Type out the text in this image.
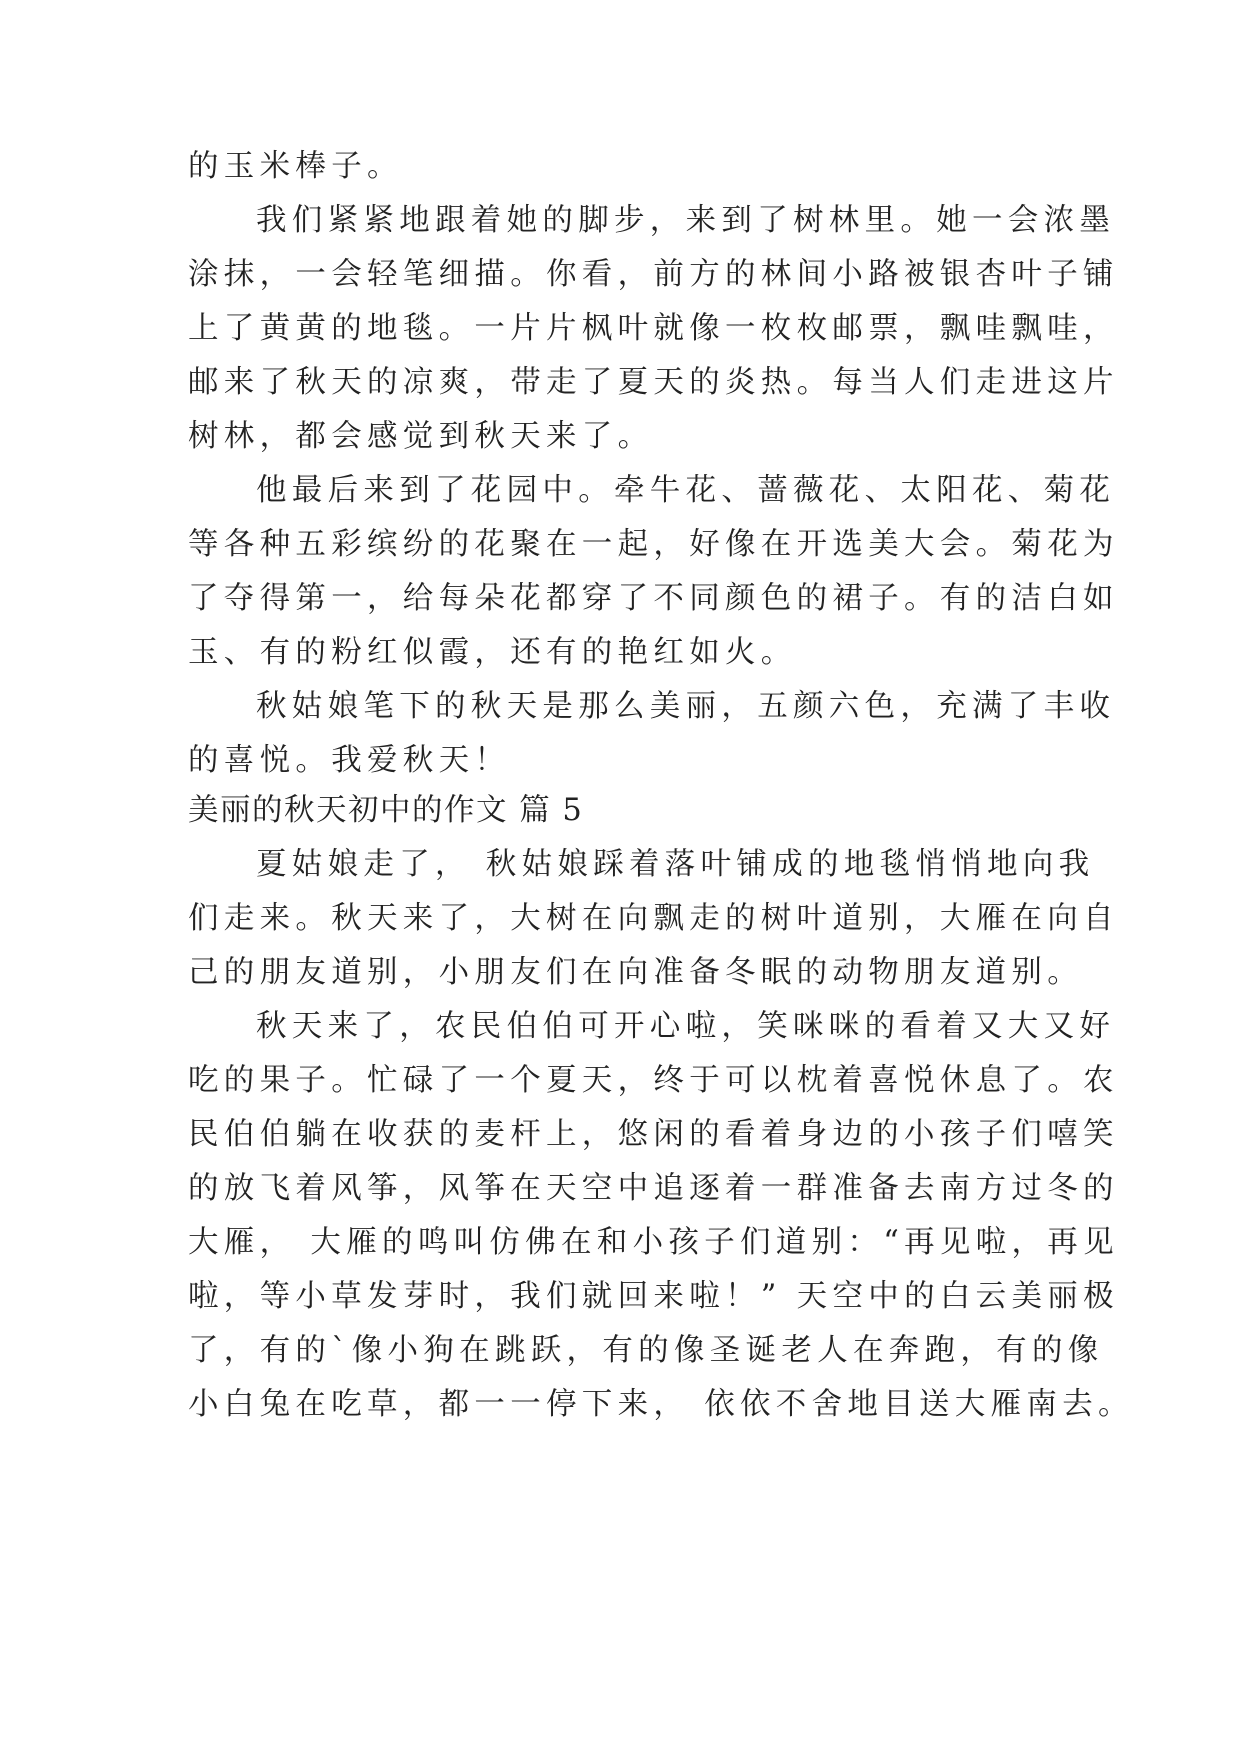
的玉米棒子。
我们紧紧地跟着她的脚步，来到了树林里。她一会浓墨
涂抹，一会轻笔细描。你看，前方的林间小路被银杏叶子铺
上了黄黄的地毯。一片片枫叶就像一枚枚邮票，飘哇飘哇，
邮来了秋天的凉爽，带走了夏天的炎热。每当人们走进这片
树林，都会感觉到秋天来了。
他最后来到了花园中。牵牛花、蔷薇花、太阳花、菊花
等各种五彩缤纷的花聚在一起，好像在开选美大会。菊花为
了夺得第一，给每朵花都穿了不同颜色的裙子。有的洁白如
玉、有的粉红似霞，还有的艳红如火。
秋姑娘笔下的秋天是那么美丽，五颜六色，充满了丰收
的喜悦。我爱秋天！
美丽的秋天初中的作文 篇 5
夏姑娘走了， 秋姑娘踩着落叶铺成的地毯悄悄地向我
们走来。秋天来了，大树在向飘走的树叶道别，大雁在向自
己的朋友道别，小朋友们在向准备冬眠的动物朋友道别。
秋天来了，农民伯伯可开心啦，笑咪咪的看着又大又好
吃的果子。忙碌了一个夏天，终于可以枕着喜悦休息了。农
民伯伯躺在收获的麦杆上，悠闲的看着身边的小孩子们嘻笑
的放飞着风筝，风筝在天空中追逐着一群准备去南方过冬的
大雁， 大雁的鸣叫仿佛在和小孩子们道别：“再见啦，再见
啦，等小草发芽时，我们就回来啦！” 天空中的白云美丽极
了，有的`像小狗在跳跃，有的像圣诞老人在奔跑，有的像
小白兔在吃草，都一一停下来， 依依不舍地目送大雁南去。
